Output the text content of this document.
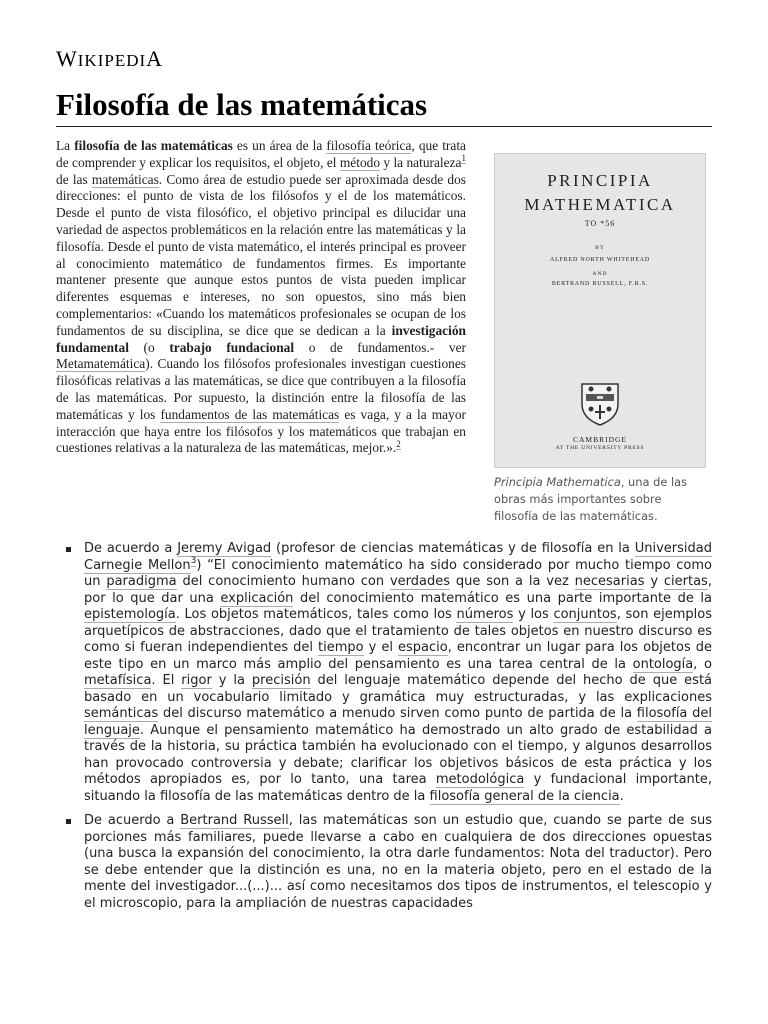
WIKIPEDIA
Filosofía de las matemáticas

La filosofía de las matemáticas es un área de la filosofía teórica, que trata de comprender y explicar los requisitos, el objeto, el método y la naturaleza$^1$ de las matemáticas. Como área de estudio puede ser aproximada desde dos direcciones: el punto de vista de los filósofos y el de los matemáticos. Desde el punto de vista filosófico, el objetivo principal es dilucidar una variedad de aspectos problemáticos en la relación entre las matemáticas y la filosofía. Desde el punto de vista matemático, el interés principal es proveer al conocimiento matemático de fundamentos firmes. Es importante mantener presente que aunque estos puntos de vista pueden implicar diferentes esquemas e intereses, no son opuestos, sino más bien complementarios: «Cuando los matemáticos profesionales se ocupan de los fundamentos de su disciplina, se dice que se dedican a la investigación fundamental (o trabajo fundacional o de fundamentos.- ver Metamatemática). Cuando los filósofos profesionales investigan cuestiones filosóficas relativas a las matemáticas, se dice que contribuyen a la filosofía de las matemáticas. Por supuesto, la distinción entre la filosofía de las matemáticas y los fundamentos de las matemáticas es vaga, y a la mayor interacción que haya entre los filósofos y los matemáticos que trabajan en cuestiones relativas a la naturaleza de las matemáticas, mejor.».$^2$

PRINCIPIA
MATHEMATICA
TO *56
BY
ALFRED NORTH WHITEHEAD
AND
BERTRAND RUSSELL, F.R.S.
CAMBRIDGE
AT THE UNIVERSITY PRESS
Principia Mathematica, una de las obras más importantes sobre filosofía de las matemáticas.
De acuerdo a Jeremy Avigad (profesor de ciencias matemáticas y de filosofía en la Universidad Carnegie Mellon$^3$) “El conocimiento matemático ha sido considerado por mucho tiempo como un paradigma del conocimiento humano con verdades que son a la vez necesarias y ciertas, por lo que dar una explicación del conocimiento matemático es una parte importante de la epistemología. Los objetos matemáticos, tales como los números y los conjuntos, son ejemplos arquetípicos de abstracciones, dado que el tratamiento de tales objetos en nuestro discurso es como si fueran independientes del tiempo y el espacio, encontrar un lugar para los objetos de este tipo en un marco más amplio del pensamiento es una tarea central de la ontología, o metafísica. El rigor y la precisión del lenguaje matemático depende del hecho de que está basado en un vocabulario limitado y gramática muy estructuradas, y las explicaciones semánticas del discurso matemático a menudo sirven como punto de partida de la filosofía del lenguaje. Aunque el pensamiento matemático ha demostrado un alto grado de estabilidad a través de la historia, su práctica también ha evolucionado con el tiempo, y algunos desarrollos han provocado controversia y debate; clarificar los objetivos básicos de esta práctica y los métodos apropiados es, por lo tanto, una tarea metodológica y fundacional importante, situando la filosofía de las matemáticas dentro de la filosofía general de la ciencia.
De acuerdo a Bertrand Russell, las matemáticas son un estudio que, cuando se parte de sus porciones más familiares, puede llevarse a cabo en cualquiera de dos direcciones opuestas (una busca la expansión del conocimiento, la otra darle fundamentos: Nota del traductor). Pero se debe entender que la distinción es una, no en la materia objeto, pero en el estado de la mente del investigador...(...)... así como necesitamos dos tipos de instrumentos, el telescopio y el microscopio, para la ampliación de nuestras capacidades
